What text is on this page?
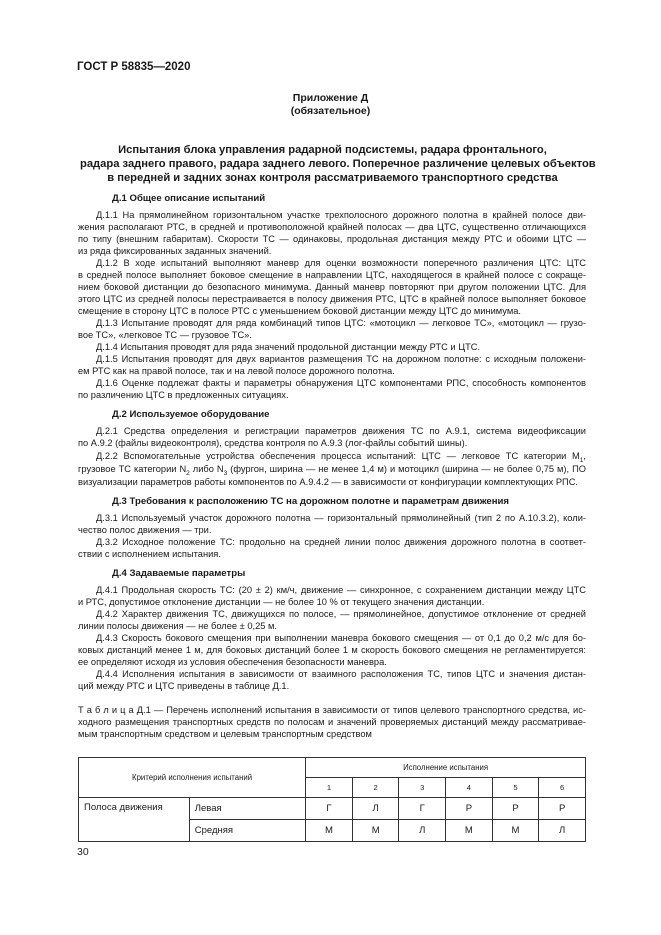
ГОСТ Р 58835—2020
Приложение Д
(обязательное)
Испытания блока управления радарной подсистемы, радара фронтального,
радара заднего правого, радара заднего левого. Поперечное различение целевых объектов
в передней и задних зонах контроля рассматриваемого транспортного средства
Д.1 Общее описание испытаний
Д.1.1 На прямолинейном горизонтальном участке трехполосного дорожного полотна в крайней полосе дви-
жения располагают РТС, в средней и противоположной крайней полосах — два ЦТС, существенно отличающихся
по типу (внешним габаритам). Скорости ТС — одинаковы, продольная дистанция между РТС и обоими ЦТС —
из ряда фиксированных заданных значений.
Д.1.2 В ходе испытаний выполняют маневр для оценки возможности поперечного различения ЦТС: ЦТС
в средней полосе выполняет боковое смещение в направлении ЦТС, находящегося в крайней полосе с сокраще-
нием боковой дистанции до безопасного минимума. Данный маневр повторяют при другом положении ЦТС. Для
этого ЦТС из средней полосы перестраивается в полосу движения РТС, ЦТС в крайней полосе выполняет боковое
смещение в сторону ЦТС в полосе РТС с уменьшением боковой дистанции между ЦТС до минимума.
Д.1.3 Испытание проводят для ряда комбинаций типов ЦТС: «мотоцикл — легковое ТС», «мотоцикл — грузо-
вое ТС», «легковое ТС — грузовое ТС».
Д.1.4 Испытания проводят для ряда значений продольной дистанции между РТС и ЦТС.
Д.1.5 Испытания проводят для двух вариантов размещения ТС на дорожном полотне: с исходным положени-
ем РТС как на правой полосе, так и на левой полосе дорожного полотна.
Д.1.6 Оценке подлежат факты и параметры обнаружения ЦТС компонентами РПС, способность компонентов
по различению ЦТС в предложенных ситуациях.
Д.2 Используемое оборудование
Д.2.1 Средства определения и регистрации параметров движения ТС по А.9.1, система видеофиксации
по А.9.2 (файлы видеоконтроля), средства контроля по А.9.3 (лог-файлы событий шины).
Д.2.2 Вспомогательные устройства обеспечения процесса испытаний: ЦТС — легковое ТС категории $M_1$,
грузовое ТС категории $N_2$ либо $N_3$ (фургон, ширина — не менее 1,4 м) и мотоцикл (ширина — не более 0,75 м), ПО
визуализации параметров работы компонентов по А.9.4.2 — в зависимости от конфигурации комплектующих РПС.
Д.3 Требования к расположению ТС на дорожном полотне и параметрам движения
Д.3.1 Используемый участок дорожного полотна — горизонтальный прямолинейный (тип 2 по А.10.3.2), коли-
чество полос движения — три.
Д.3.2 Исходное положение ТС: продольно на средней линии полос движения дорожного полотна в соответ-
ствии с исполнением испытания.
Д.4 Задаваемые параметры
Д.4.1 Продольная скорость ТС: (20 ± 2) км/ч, движение — синхронное, с сохранением дистанции между ЦТС
и РТС, допустимое отклонение дистанции — не более 10 % от текущего значения дистанции.
Д.4.2 Характер движения ТС, движущихся по полосе, — прямолинейное, допустимое отклонение от средней
линии полосы движения — не более ± 0,25 м.
Д.4.3 Скорость бокового смещения при выполнении маневра бокового смещения — от 0,1 до 0,2 м/с для бо-
ковых дистанций менее 1 м, для боковых дистанций более 1 м скорость бокового смещения не регламентируется:
ее определяют исходя из условия обеспечения безопасности маневра.
Д.4.4 Исполнения испытания в зависимости от взаимного расположения ТС, типов ЦТС и значения дистан-
ций между РТС и ЦТС приведены в таблице Д.1.
Т а б л и ц а Д.1 — Перечень исполнений испытания в зависимости от типов целевого транспортного средства, ис-
ходного размещения транспортных средств по полосам и значений проверяемых дистанций между рассматривае-
мым транспортным средством и целевым транспортным средством
Критерий исполнения испытаний		Исполнение испытания					
		1	2	3	4	5	6
Полоса движения	Левая	Г	Л	Г	Р	Р	Р
	Средняя	М	М	Л	М	М	Л
30
